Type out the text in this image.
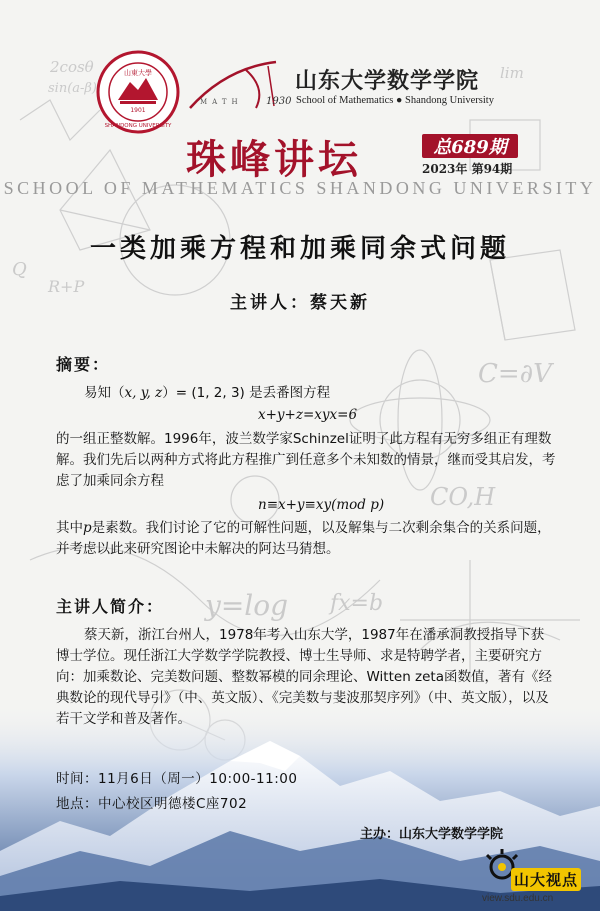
2cosθ
sin(a-β)
lim
Q
R+P
C=∂V
CO,H
y=log fx=b
1901
山東大學
SHANDONG UNIVERSITY
MATH 1930
山东大学数学学院
School of Mathematics ● Shandong University
珠峰讲坛	总689期
2023年 第94期
SCHOOL OF MATHEMATICS SHANDONG UNIVERSITY
一类加乘方程和加乘同余式问题
主讲人：蔡天新
摘要：
易知（x, y, z）= (1, 2, 3) 是丢番图方程
x+y+z=xyx=6
的一组正整数解。1996年，波兰数学家Schinzel证明了此方程有无穷多组正有理数解。我们先后以两种方式将此方程推广到任意多个未知数的情景，继而受其启发，考虑了加乘同余方程
n≡x+y≡xy(mod p)
其中p是素数。我们讨论了它的可解性问题，以及解集与二次剩余集合的关系问题，并考虑以此来研究图论中未解决的阿达马猜想。
主讲人简介：
蔡天新，浙江台州人，1978年考入山东大学，1987年在潘承洞教授指导下获博士学位。现任浙江大学数学学院教授、博士生导师、求是特聘学者，主要研究方向：加乘数论、完美数问题、整数幂模的同余理论、Witten zeta函数值，著有《经典数论的现代导引》（中、英文版）、《完美数与斐波那契序列》（中、英文版），以及若干文学和普及著作。
时间：11月6日（周一）10:00-11:00
地点：中心校区明德楼C座702
主办：山东大学数学学院
山大视点
view.sdu.edu.cn
